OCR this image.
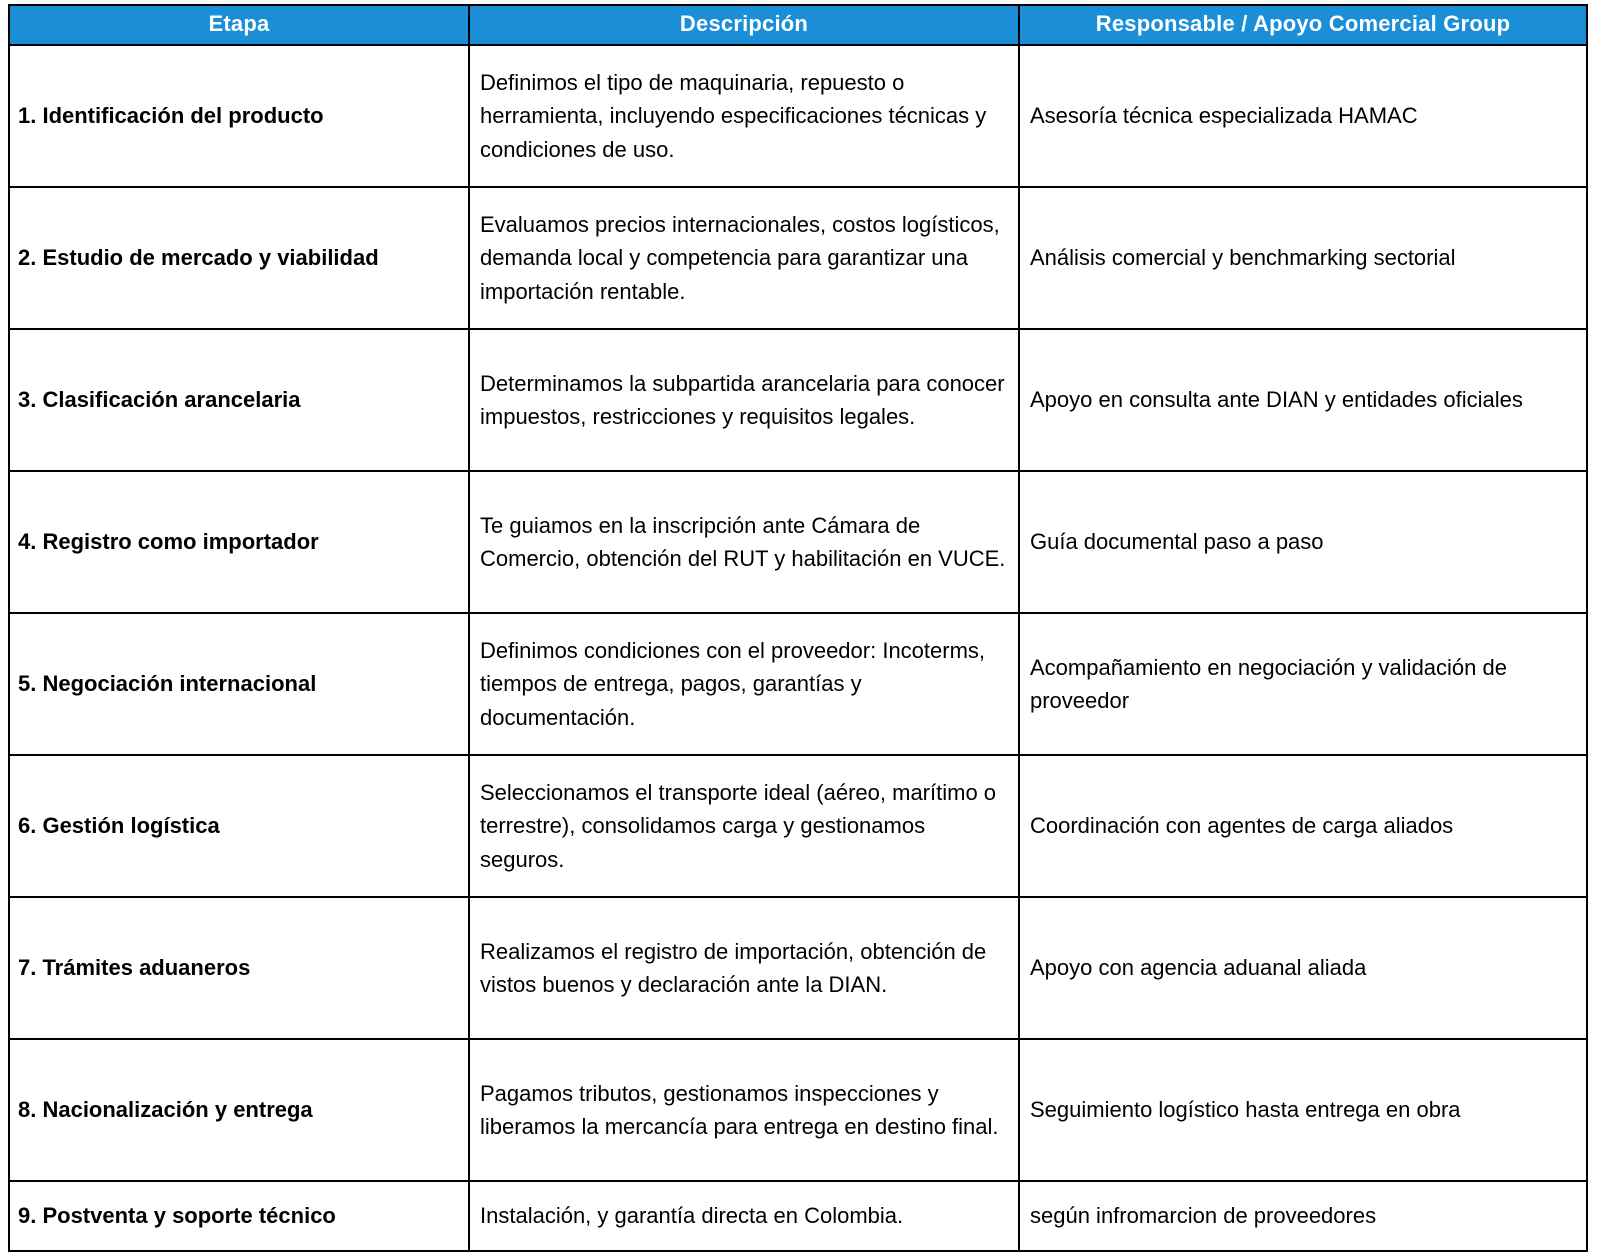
Etapa	Descripción	Responsable / Apoyo Comercial Group
1. Identificación del producto	Definimos el tipo de maquinaria, repuesto o herramienta, incluyendo especificaciones técnicas y condiciones de uso.	Asesoría técnica especializada HAMAC
2. Estudio de mercado y viabilidad	Evaluamos precios internacionales, costos logísticos, demanda local y competencia para garantizar una importación rentable.	Análisis comercial y benchmarking sectorial
3. Clasificación arancelaria	Determinamos la subpartida arancelaria para conocer impuestos, restricciones y requisitos legales.	Apoyo en consulta ante DIAN y entidades oficiales
4. Registro como importador	Te guiamos en la inscripción ante Cámara de Comercio, obtención del RUT y habilitación en VUCE.	Guía documental paso a paso
5. Negociación internacional	Definimos condiciones con el proveedor: Incoterms, tiempos de entrega, pagos, garantías y documentación.	Acompañamiento en negociación y validación de proveedor
6. Gestión logística	Seleccionamos el transporte ideal (aéreo, marítimo o terrestre), consolidamos carga y gestionamos seguros.	Coordinación con agentes de carga aliados
7. Trámites aduaneros	Realizamos el registro de importación, obtención de vistos buenos y declaración ante la DIAN.	Apoyo con agencia aduanal aliada
8. Nacionalización y entrega	Pagamos tributos, gestionamos inspecciones y liberamos la mercancía para entrega en destino final.	Seguimiento logístico hasta entrega en obra
9. Postventa y soporte técnico	Instalación, y garantía directa en Colombia.	según infromarcion de proveedores
